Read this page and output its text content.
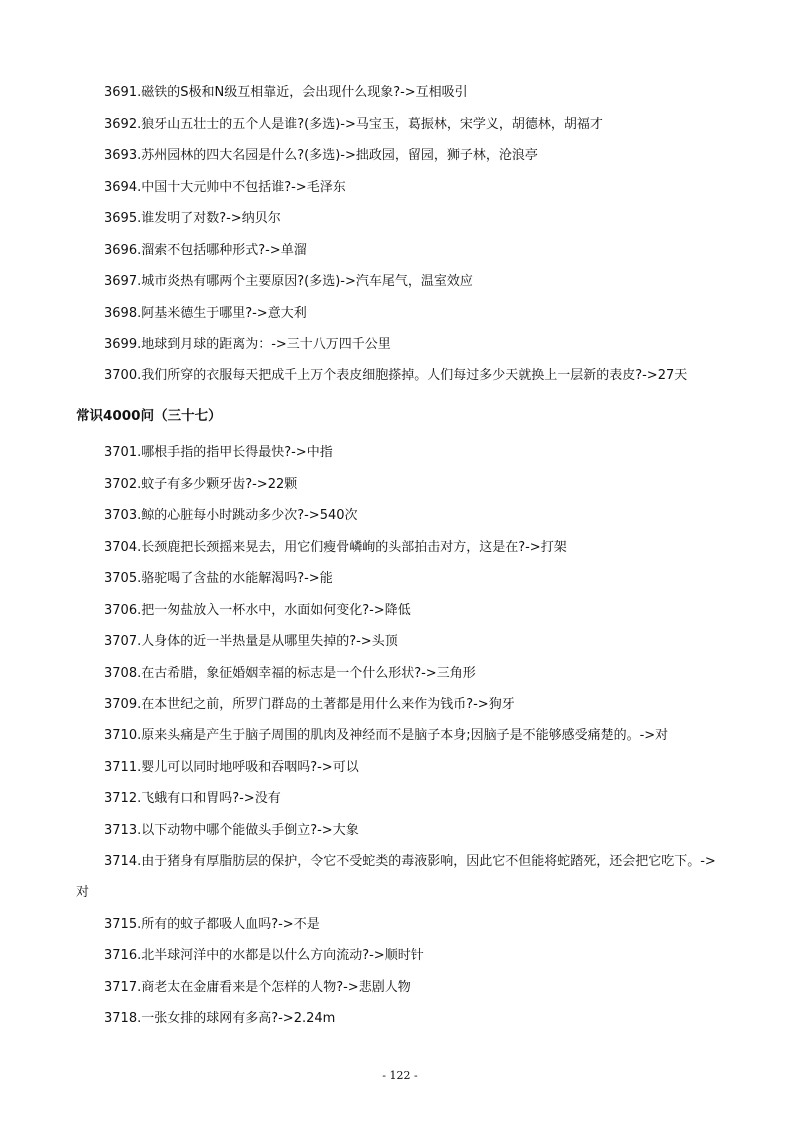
3691.磁铁的S极和N级互相靠近，会出现什么现象?->互相吸引
3692.狼牙山五壮士的五个人是谁?(多选)->马宝玉，葛振林，宋学义，胡德林，胡福才
3693.苏州园林的四大名园是什么?(多选)->拙政园，留园，狮子林，沧浪亭
3694.中国十大元帅中不包括谁?->毛泽东
3695.谁发明了对数?->纳贝尔
3696.溜索不包括哪种形式?->单溜
3697.城市炎热有哪两个主要原因?(多选)->汽车尾气，温室效应
3698.阿基米德生于哪里?->意大利
3699.地球到月球的距离为：->三十八万四千公里
3700.我们所穿的衣服每天把成千上万个表皮细胞搽掉。人们每过多少天就换上一层新的表皮?->27天
常识4000问（三十七）
3701.哪根手指的指甲长得最快?->中指
3702.蚊子有多少颗牙齿?->22颗
3703.鲸的心脏每小时跳动多少次?->540次
3704.长颈鹿把长颈摇来晃去，用它们瘦骨嶙峋的头部拍击对方，这是在?->打架
3705.骆驼喝了含盐的水能解渴吗?->能
3706.把一匆盐放入一杯水中，水面如何变化?->降低
3707.人身体的近一半热量是从哪里失掉的?->头顶
3708.在古希腊，象征婚姻幸福的标志是一个什么形状?->三角形
3709.在本世纪之前，所罗门群岛的土著都是用什么来作为钱币?->狗牙
3710.原来头痛是产生于脑子周围的肌肉及神经而不是脑子本身;因脑子是不能够感受痛楚的。->对
3711.婴儿可以同时地呼吸和吞咽吗?->可以
3712.飞蛾有口和胃吗?->没有
3713.以下动物中哪个能做头手倒立?->大象
3714.由于猪身有厚脂肪层的保护，令它不受蛇类的毒液影响，因此它不但能将蛇踏死，还会把它吃下。->
对
3715.所有的蚊子都吸人血吗?->不是
3716.北半球河洋中的水都是以什么方向流动?->顺时针
3717.商老太在金庸看来是个怎样的人物?->悲剧人物
3718.一张女排的球网有多高?->2.24m
- 122 -
